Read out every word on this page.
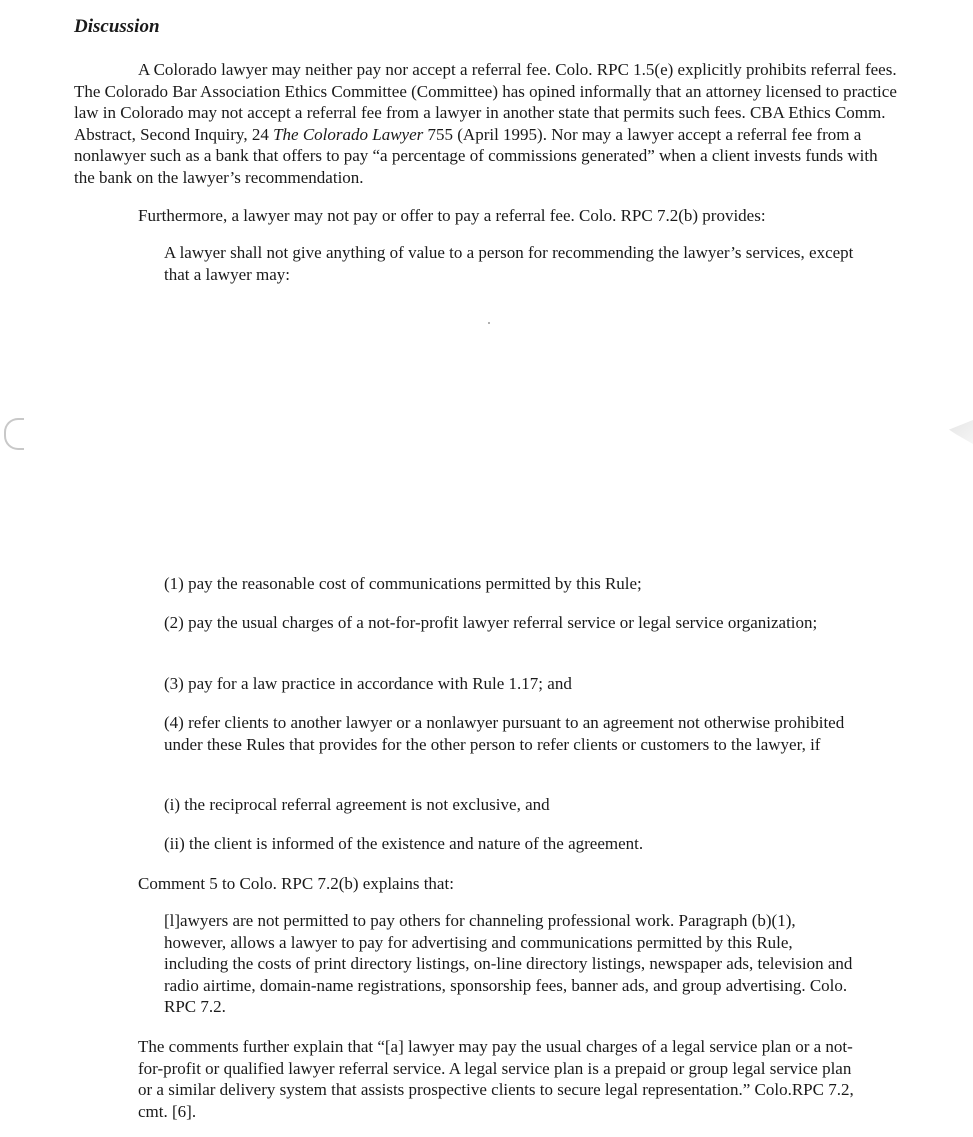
Discussion

A Colorado lawyer may neither pay nor accept a referral fee. Colo. RPC 1.5(e) explicitly prohibits referral fees. The Colorado Bar Association Ethics Committee (Committee) has opined informally that an attorney licensed to practice law in Colorado may not accept a referral fee from a lawyer in another state that permits such fees. CBA Ethics Comm. Abstract, Second Inquiry, 24 The Colorado Lawyer 755 (April 1995). Nor may a lawyer accept a referral fee from a nonlawyer such as a bank that offers to pay “a percentage of commissions generated” when a client invests funds with the bank on the lawyer’s recommendation.

Furthermore, a lawyer may not pay or offer to pay a referral fee. Colo. RPC 7.2(b) provides:

A lawyer shall not give anything of value to a person for recommending the lawyer’s services, except that a lawyer may:

(1) pay the reasonable cost of communications permitted by this Rule;

(2) pay the usual charges of a not-for-profit lawyer referral service or legal service organization;

(3) pay for a law practice in accordance with Rule 1.17; and

(4) refer clients to another lawyer or a nonlawyer pursuant to an agreement not otherwise prohibited under these Rules that provides for the other person to refer clients or customers to the lawyer, if

(i) the reciprocal referral agreement is not exclusive, and

(ii) the client is informed of the existence and nature of the agreement.

Comment 5 to Colo. RPC 7.2(b) explains that:

[l]awyers are not permitted to pay others for channeling professional work. Paragraph (b)(1), however, allows a lawyer to pay for advertising and communications permitted by this Rule, including the costs of print directory listings, on-line directory listings, newspaper ads, television and radio airtime, domain-name registrations, sponsorship fees, banner ads, and group advertising. Colo. RPC 7.2.

The comments further explain that “[a] lawyer may pay the usual charges of a legal service plan or a not-for-profit or qualified lawyer referral service. A legal service plan is a prepaid or group legal service plan or a similar delivery system that assists prospective clients to secure legal representation.” Colo.RPC 7.2, cmt. [6].
